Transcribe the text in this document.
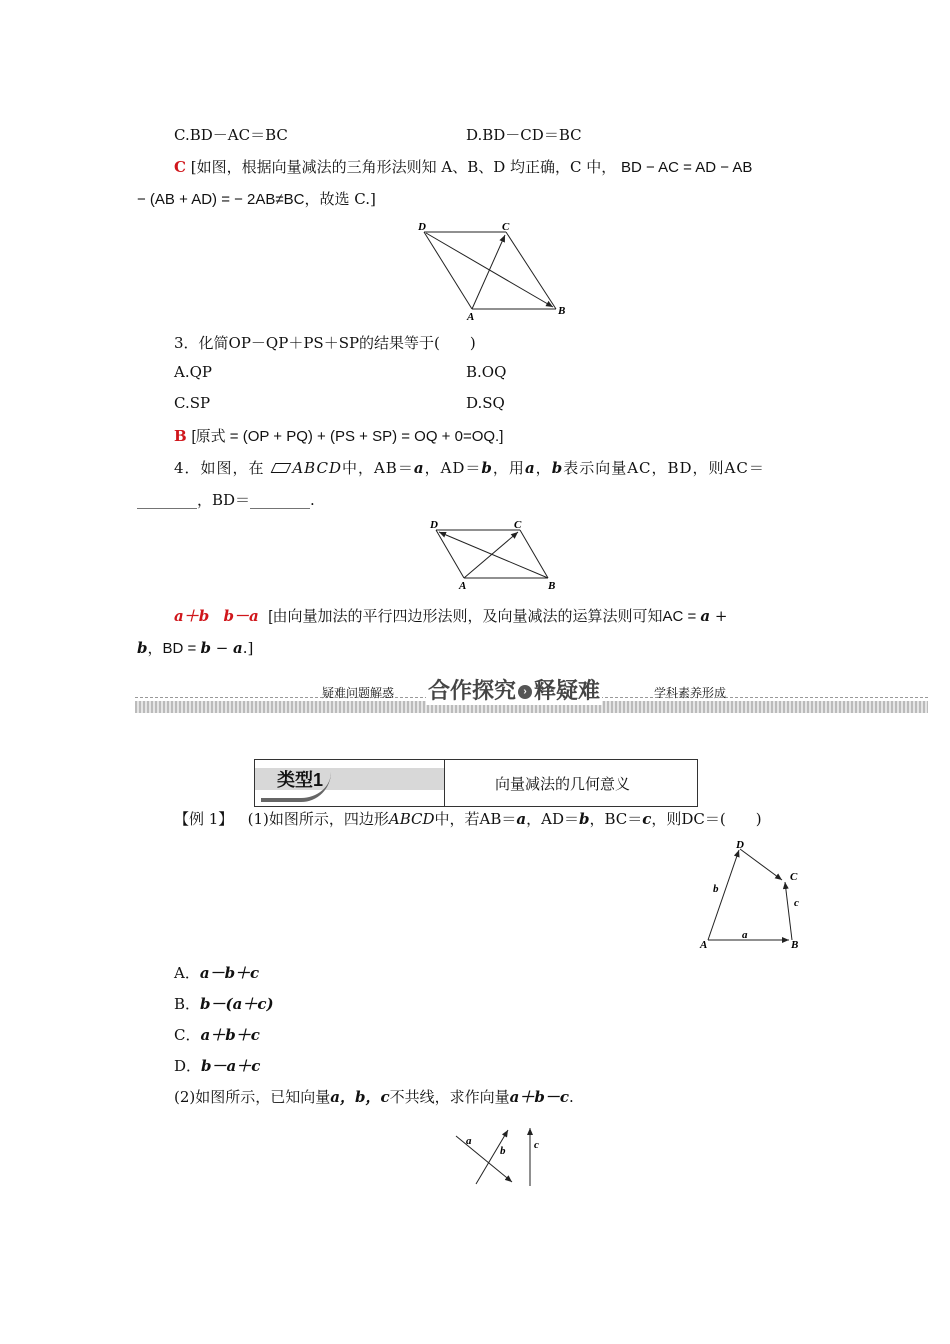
C.BD－AC＝BC	D.BD－CD＝BC
C [如图，根据向量减法的三角形法则知 A、B、D 均正确，C 中， BD − AC = AD − AB
− (AB + AD) = − 2AB≠BC，故选 C.]
D	C
A	B
3．化简OP－QP＋PS＋SP的结果等于(　　)
A.QP	B.OQ
C.SP	D.SQ
B [原式 = (OP + PQ) + (PS + SP) = OQ + 0=OQ.]
4．如图，在 ABCD中，AB＝a，AD＝b，用a，b表示向量AC，BD，则AC＝
________，BD＝________.
D	C
A	B
a＋b b－a [由向量加法的平行四边形法则，及向量减法的运算法则可知AC = a +
b，BD = b − a.]
疑难问题解惑 合作探究 › 释疑难	学科素养形成
类型1	向量减法的几何意义
【例 1】 (1)如图所示，四边形ABCD中，若AB＝a，AD＝b，BC＝c，则DC＝(　　)
D
C
A	B
a
b
c
A．a－b＋c
B．b－(a＋c)
C．a＋b＋c
D．b－a＋c
(2)如图所示，已知向量a，b，c不共线，求作向量a＋b－c.
a
b	c
